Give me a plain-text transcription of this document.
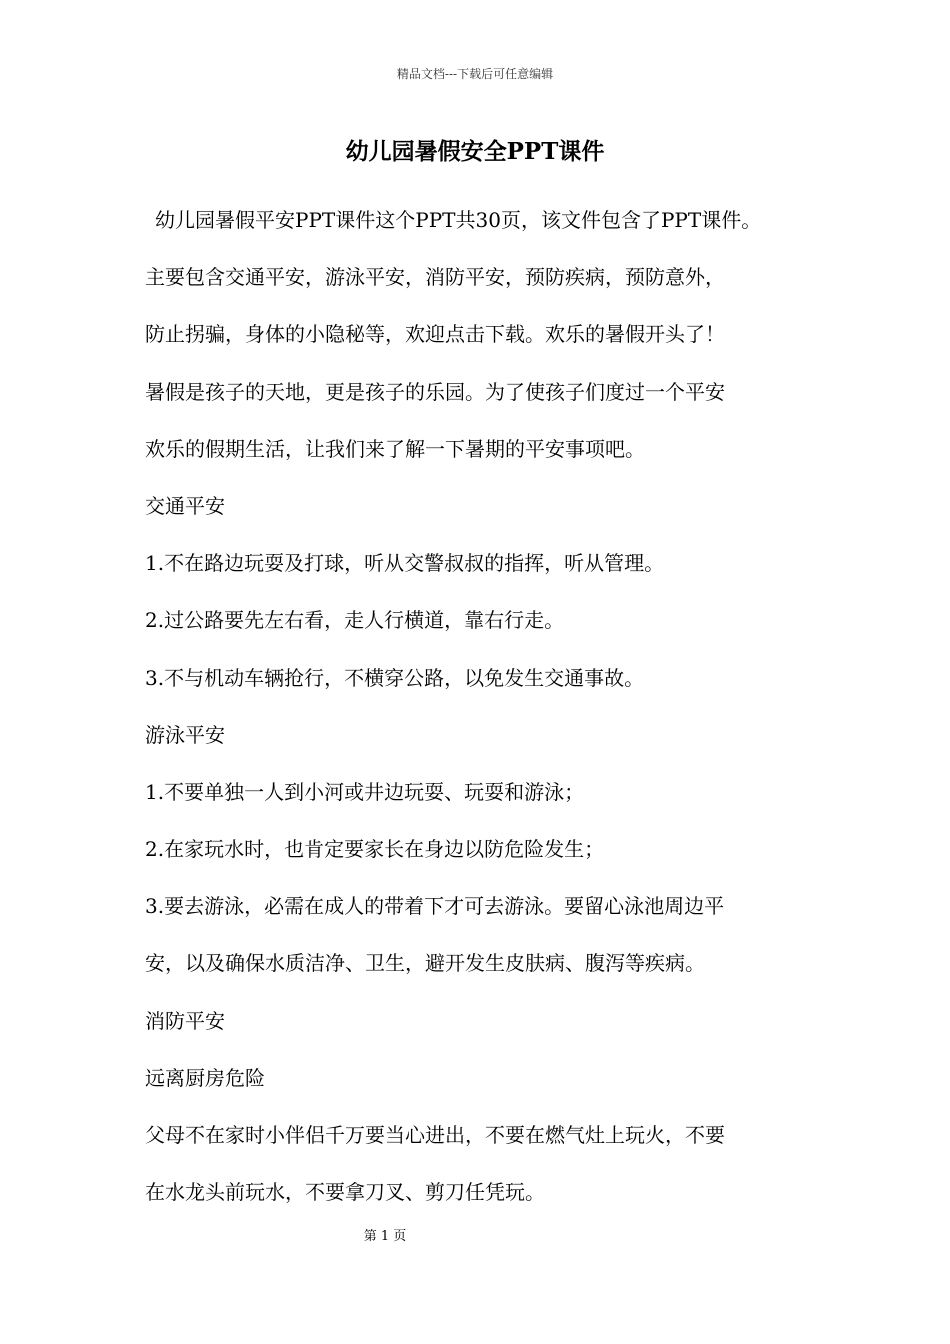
精品文档---下载后可任意编辑
幼儿园暑假安全PPT课件
幼儿园暑假平安PPT课件这个PPT共30页，该文件包含了PPT课件。
主要包含交通平安，游泳平安，消防平安，预防疾病，预防意外，
防止拐骗，身体的小隐秘等，欢迎点击下载。欢乐的暑假开头了！
暑假是孩子的天地，更是孩子的乐园。为了使孩子们度过一个平安
欢乐的假期生活，让我们来了解一下暑期的平安事项吧。
交通平安
1.不在路边玩耍及打球，听从交警叔叔的指挥，听从管理。
2.过公路要先左右看，走人行横道，靠右行走。
3.不与机动车辆抢行，不横穿公路，以免发生交通事故。
游泳平安
1.不要单独一人到小河或井边玩耍、玩耍和游泳；
2.在家玩水时，也肯定要家长在身边以防危险发生；
3.要去游泳，必需在成人的带着下才可去游泳。要留心泳池周边平
安，以及确保水质洁净、卫生，避开发生皮肤病、腹泻等疾病。
消防平安
远离厨房危险
父母不在家时小伴侣千万要当心进出，不要在燃气灶上玩火，不要
在水龙头前玩水，不要拿刀叉、剪刀任凭玩。
第 1 页
